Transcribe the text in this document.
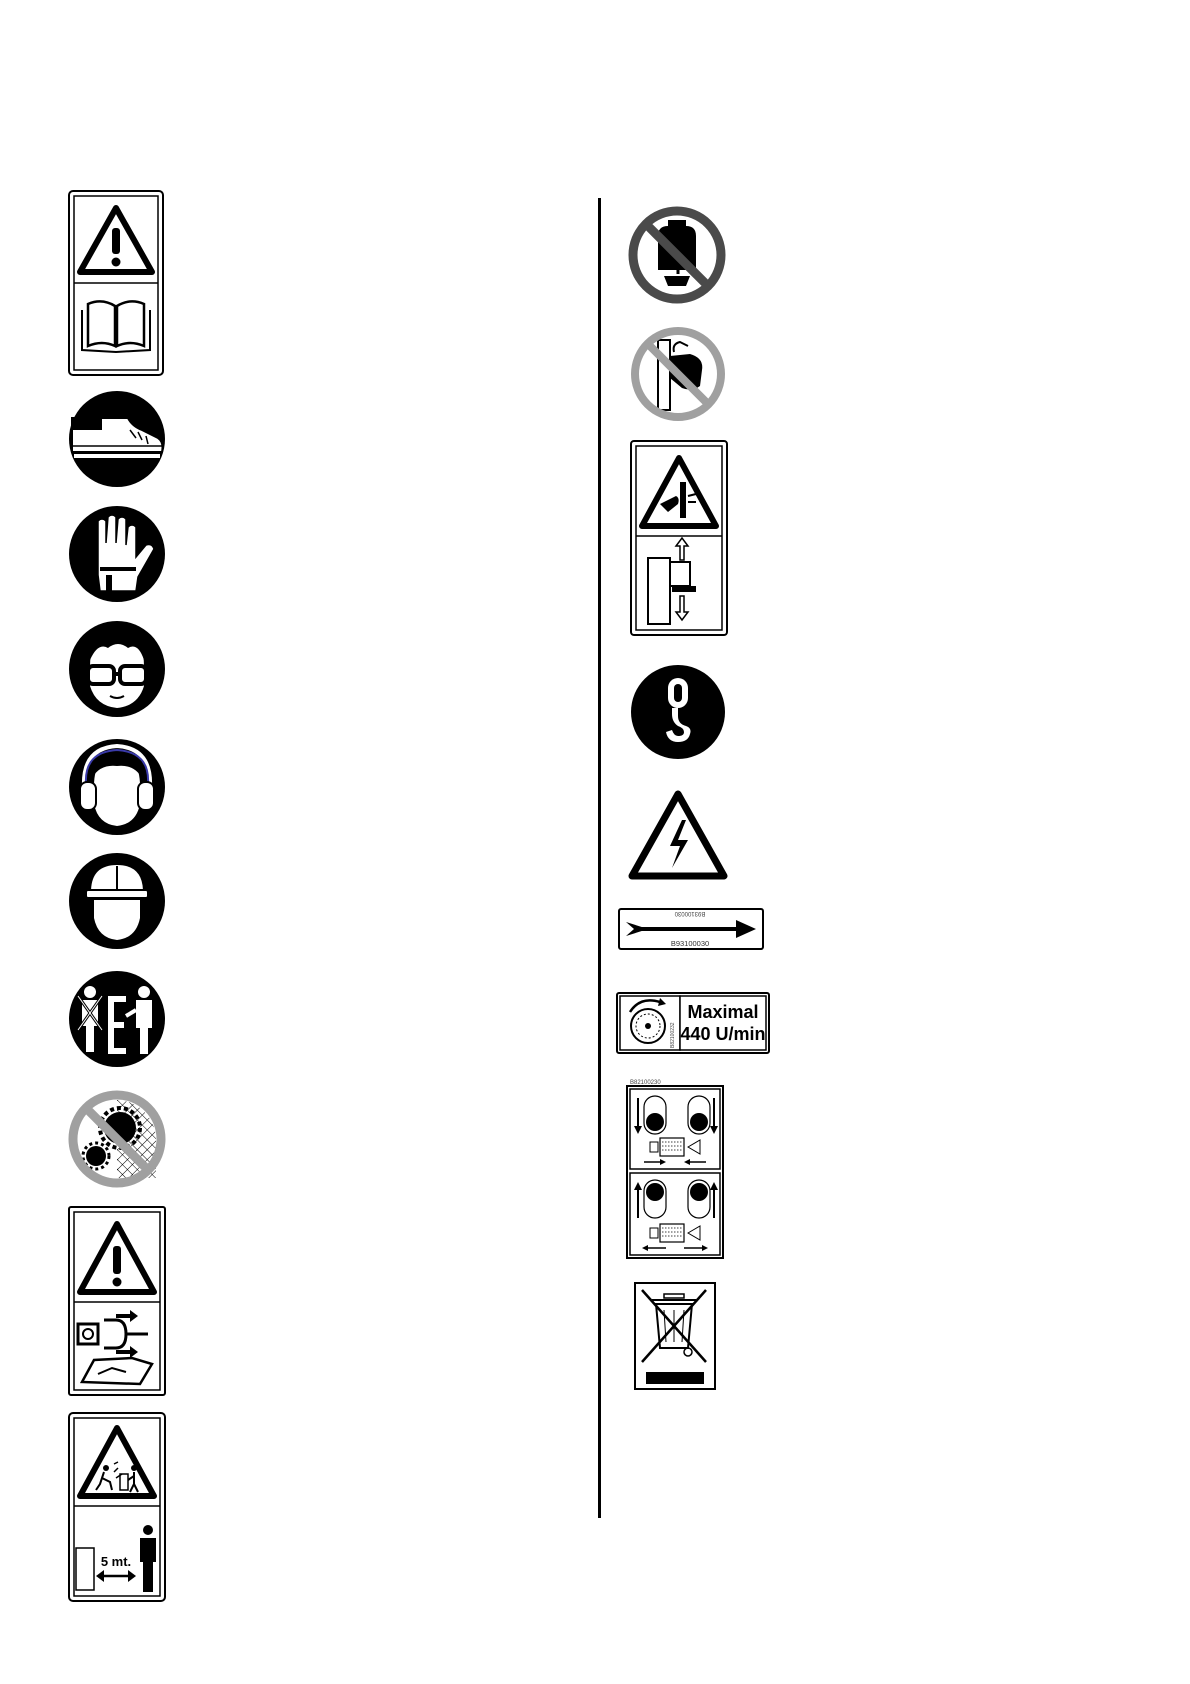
5 mt.
B93100030
B93100030
B82100232
Maximal
440 U/min
B82100230
